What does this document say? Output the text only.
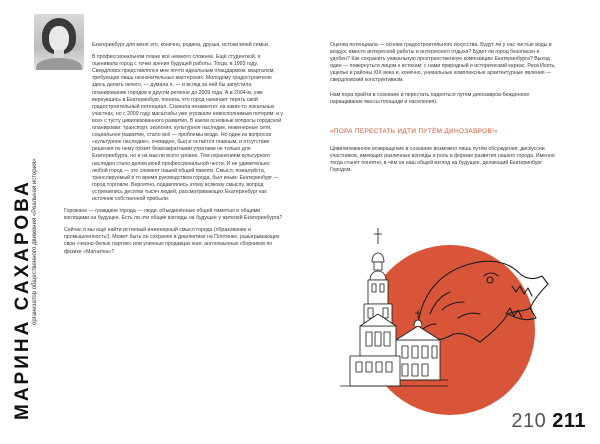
МАРИНА САХАРОВА организатор общественного движения «Реальная история»

Екатеринбург для меня это, конечно, родина, друзья, истоки моей семьи.

В профессиональном плане всё немного сложнее. Ещё студенткой, я оценивала город с точки зрения будущей работы. Тогда, в 1993 году, Свердловск представлялся мне почти идеальным плацдармом: кварталом, требующих лишь незначительных мастерских. Молодому градостроителю здесь делать нечего, — думала я, — и вслед за ней бы запустила планирование городов в другом регионе до 2009 года. А в 2004-м, уже вернувшись в Екатеринбург, поняла, что город начинает терять свой градостроительный потенциал. Сначала незаметно: на каких-то локальных участках, но с 2009 году масштабы уже угрожали невосполнимым потерям: и у всех с тусту цивилизованного развития. В каком основные вопросы городской планировки: транспорт, экология, культурное наследие, инженерные сети, социальное развитие, стало всё — проблемы везде. Но один из вопросов «культурное наследие», очевидно, был и остаётся главным, и отсутствие решения по нему грозит безвозвратными утратами не только для Екатеринбурга, но и на мысли всего уровне. Тем охранением культурного наследия стало делом моей профессиональной чести. И не удивительно: любой город — это элемент нашей общей памяти. Смысл, пожалуйста, транслируемый в то время руководством города, был иным: Екатеринбург — город торговли. Вероятно, подавлялись этому всякому смыслу, вопрод устремились десятки тысяч людей, рассматривающих Екатеринбург как источник собственной прибыли.

Горожане — граждане города — люди, объединённые общей памятью и общими взглядами на будущее. Есть ли эти общие взгляды на будущее у жителей Екатеринбурга?

Сейчас я мы ещё найти истинный инженерный смысл города (образование и промышленность!). Может быть он сохранен в диалектике на Плотинке, разыгрывающих свои «черно-белые партии» или уличных продавцах книг, англоязычных сборников по физике «Магнитка»?

Оценка потенциала — основа градостроительного искусства. Будут ли у нас чистые воды в воздух, вместе интересной работы и интересного отдыха? Будет ли город безопасен и удобен? Как сохранить уникальную пространственную композицию Екатеринбурга? Выход один — повернуться лицом к истокам: с нами природный и исторический каркас. Река Исеть, ущелье и районы XIX века и, конечно, уникальные комплексные архитектурные явления — свердловский конструктивизм.

Нам пора прийти в сознание и перестать надеяться путём динозавров-бежденное наращивание массы площади и населения).

«ПОРА ПЕРЕСТАТЬ ИДТИ ПУТЁМ ДИНОЗАВРОВ!»

Цивилизованное возвращение в сознание возможно лишь путём обсуждения, дискуссии участников, имеющих различные взгляды и роль в формах развития нашего города. Именно тогда станет понятно, в чём он наш общей взгляд на будущее, делающий Екатеринбург Городом.

210 211
